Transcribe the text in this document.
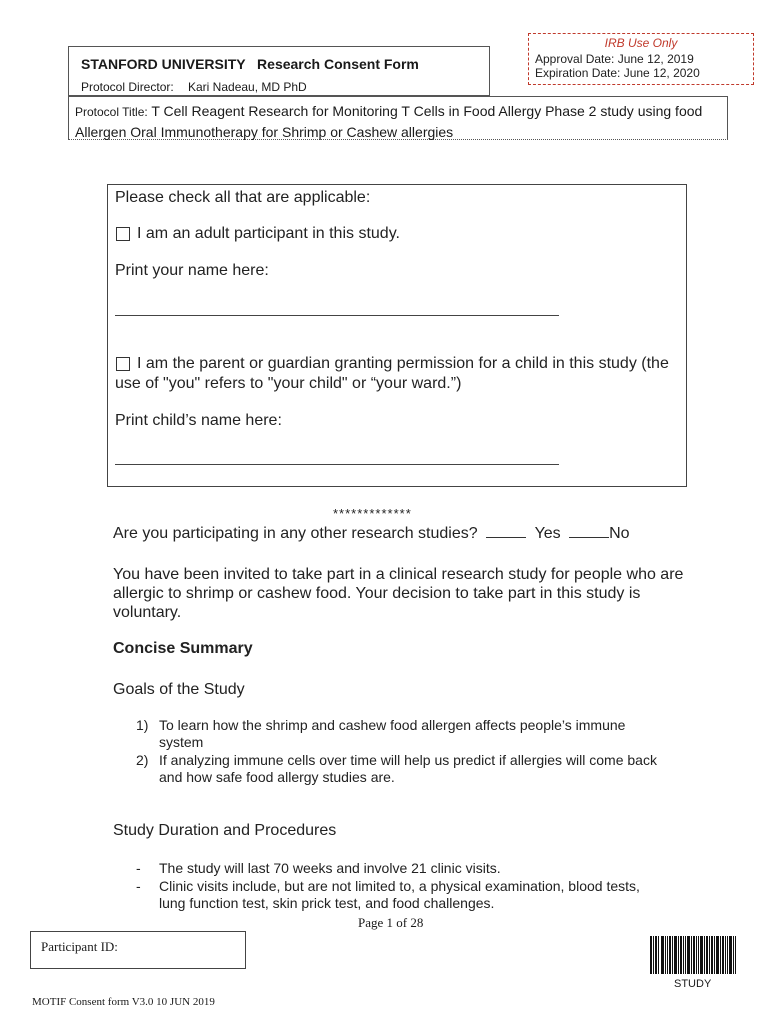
IRB Use Only
Approval Date: June 12, 2019
Expiration Date: June 12, 2020
STANFORD UNIVERSITY   Research Consent Form
Protocol Director: Kari Nadeau, MD PhD
Protocol Title: T Cell Reagent Research for Monitoring T Cells in Food Allergy Phase 2 study using food Allergen Oral Immunotherapy for Shrimp or Cashew allergies
Please check all that are applicable:
I am an adult participant in this study.
Print your name here:
I am the parent or guardian granting permission for a child in this study (the
use of "you" refers to "your child" or “your ward.”)
Print child’s name here:
*************
Are you participating in any other research studies?	Yes	No
You have been invited to take part in a clinical research study for people who are
allergic to shrimp or cashew food. Your decision to take part in this study is
voluntary.
Concise Summary
Goals of the Study
1) To learn how the shrimp and cashew food allergen affects people’s immune
system
2) If analyzing immune cells over time will help us predict if allergies will come back
and how safe food allergy studies are.
Study Duration and Procedures
- The study will last 70 weeks and involve 21 clinic visits.
- Clinic visits include, but are not limited to, a physical examination, blood tests,
lung function test, skin prick test, and food challenges.
Page 1 of 28
Participant ID:
STUDY
MOTIF Consent form V3.0 10 JUN 2019
